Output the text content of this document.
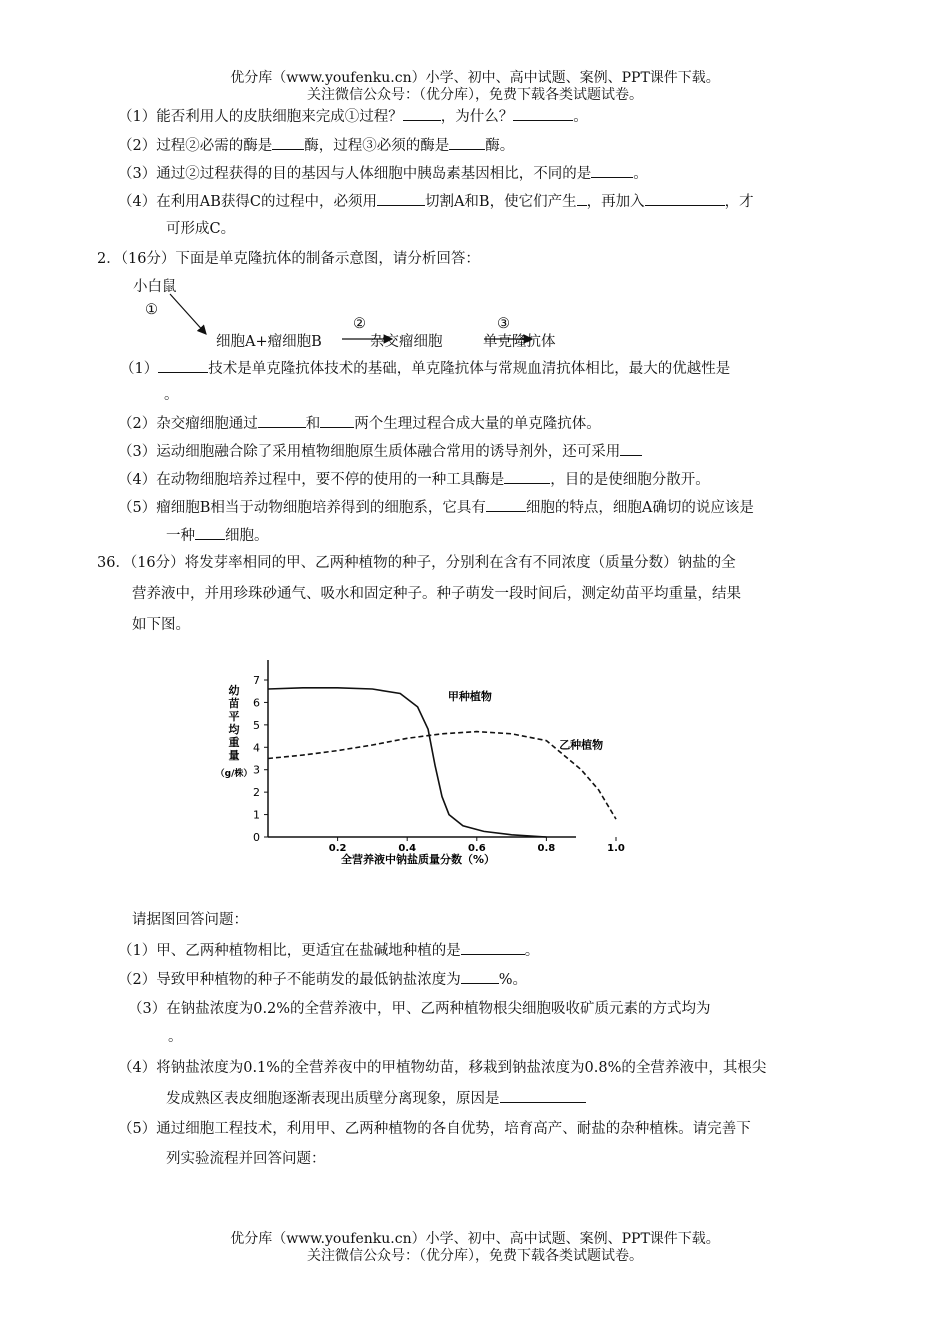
优分库（www.youfenku.cn）小学、初中、高中试题、案例、PPT课件下载。
关注微信公众号：（优分库），免费下载各类试题试卷。
（1）能否利用人的皮肤细胞来完成①过程？	，为什么？	。
（2）过程②必需的酶是 酶，过程③必须的酶是 酶。
（3）通过②过程获得的目的基因与人体细胞中胰岛素基因相比，不同的是	。
（4）在利用AB获得C的过程中，必须用	切割A和B，使它们产生 ，再加入	，才
可形成C。
2．（16分）下面是单克隆抗体的制备示意图，请分析回答：
小白鼠
①
细胞A+瘤细胞B
②
杂交瘤细胞
③
单克隆抗体
（1）	技术是单克隆抗体技术的基础，单克隆抗体与常规血清抗体相比，最大的优越性是
。
（2）杂交瘤细胞通过	和 两个生理过程合成大量的单克隆抗体。
（3）运动细胞融合除了采用植物细胞原生质体融合常用的诱导剂外，还可采用
（4）在动物细胞培养过程中，要不停的使用的一种工具酶是	，目的是使细胞分散开。
（5）瘤细胞B相当于动物细胞培养得到的细胞系，它具有	细胞的特点，细胞A确切的说应该是
一种 细胞。
36．（16分）将发芽率相同的甲、乙两种植物的种子，分别利在含有不同浓度（质量分数）钠盐的全
营养液中，并用珍珠砂通气、吸水和固定种子。种子萌发一段时间后，测定幼苗平均重量，结果
如下图。
0
1
2
3
4
5
6
7
0.2	0.4	0.6	0.8	1.0
甲种植物
乙种植物
全营养液中钠盐质量分数（%）
幼
苗
平
均
重
量
（g/株）
请据图回答问题：
（1）甲、乙两种植物相比，更适宜在盐碱地种植的是	。
（2）导致甲种植物的种子不能萌发的最低钠盐浓度为	%。
（3）在钠盐浓度为0.2%的全营养液中，甲、乙两种植物根尖细胞吸收矿质元素的方式均为
。
（4）将钠盐浓度为0.1%的全营养夜中的甲植物幼苗，移栽到钠盐浓度为0.8%的全营养液中，其根尖
发成熟区表皮细胞逐渐表现出质壁分离现象，原因是
（5）通过细胞工程技术，利用甲、乙两种植物的各自优势，培育高产、耐盐的杂种植株。请完善下
列实验流程并回答问题：
优分库（www.youfenku.cn）小学、初中、高中试题、案例、PPT课件下载。
关注微信公众号：（优分库），免费下载各类试题试卷。
